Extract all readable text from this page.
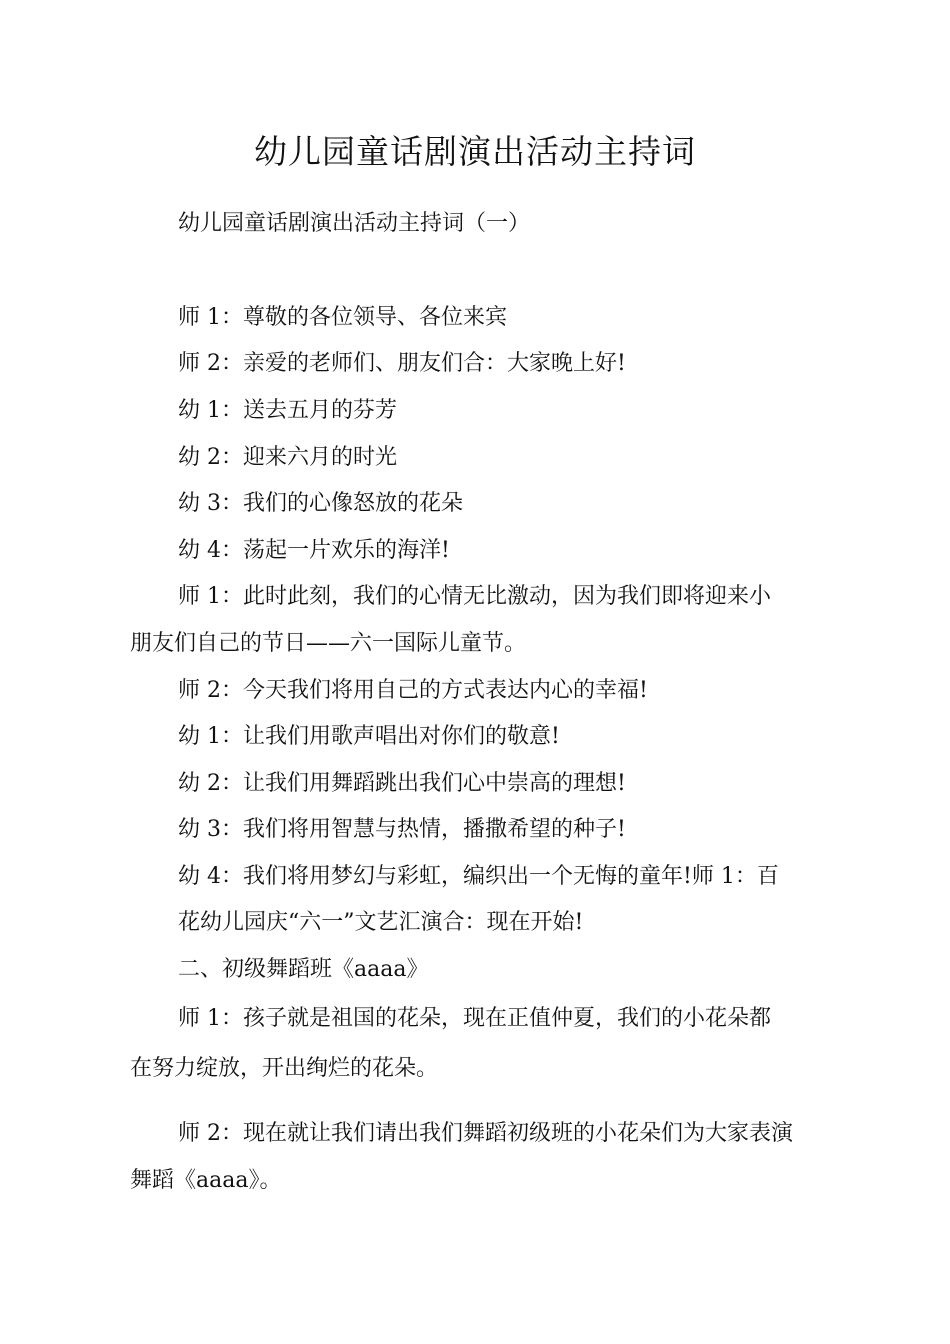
幼儿园童话剧演出活动主持词

幼儿园童话剧演出活动主持词（一）

师 1：尊敬的各位领导、各位来宾

师 2：亲爱的老师们、朋友们合：大家晚上好!

幼 1：送去五月的芬芳

幼 2：迎来六月的时光

幼 3：我们的心像怒放的花朵

幼 4：荡起一片欢乐的海洋!

师 1：此时此刻，我们的心情无比激动，因为我们即将迎来小

朋友们自己的节日——六一国际儿童节。

师 2：今天我们将用自己的方式表达内心的幸福!

幼 1：让我们用歌声唱出对你们的敬意!

幼 2：让我们用舞蹈跳出我们心中崇高的理想!

幼 3：我们将用智慧与热情，播撒希望的种子!

幼 4：我们将用梦幻与彩虹，编织出一个无悔的童年!师 1：百

花幼儿园庆“六一”文艺汇演合：现在开始!

二、初级舞蹈班《aaaa》

师 1：孩子就是祖国的花朵，现在正值仲夏，我们的小花朵都

在努力绽放，开出绚烂的花朵。

师 2：现在就让我们请出我们舞蹈初级班的小花朵们为大家表演

舞蹈《aaaa》。
